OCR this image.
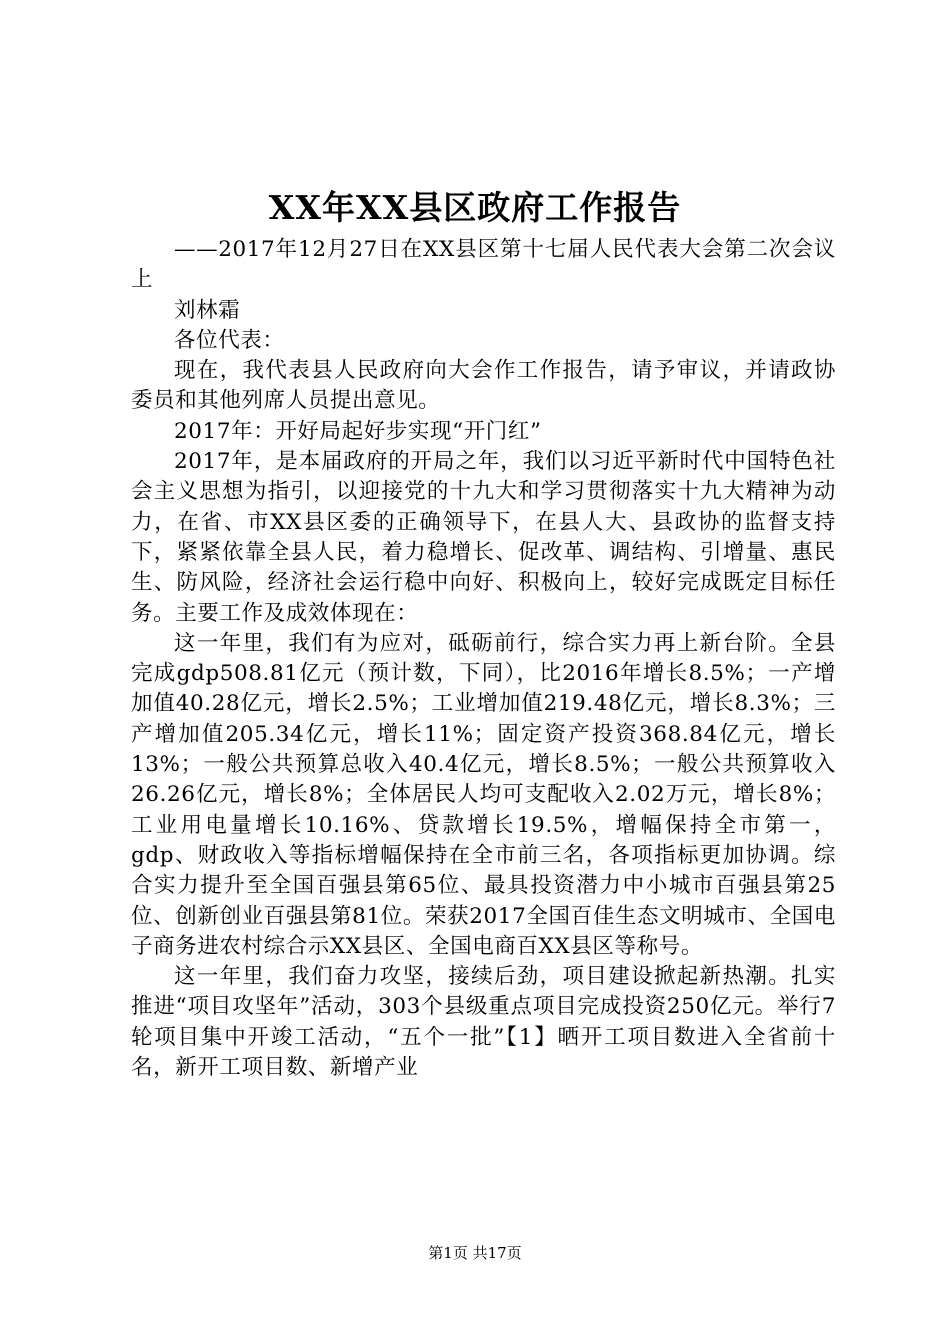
XX年XX县区政府工作报告

——2017年12月27日在XX县区第十七届人民代表大会第二次会议上

刘林霜

各位代表：

现在，我代表县人民政府向大会作工作报告，请予审议，并请政协委员和其他列席人员提出意见。

2017年：开好局起好步实现“开门红”

2017年，是本届政府的开局之年，我们以习近平新时代中国特色社会主义思想为指引，以迎接党的十九大和学习贯彻落实十九大精神为动力，在省、市XX县区委的正确领导下，在县人大、县政协的监督支持下，紧紧依靠全县人民，着力稳增长、促改革、调结构、引增量、惠民生、防风险，经济社会运行稳中向好、积极向上，较好完成既定目标任务。主要工作及成效体现在：

这一年里，我们有为应对，砥砺前行，综合实力再上新台阶。全县完成gdp508.81亿元（预计数，下同），比2016年增长8.5%；一产增加值40.28亿元，增长2.5%；工业增加值219.48亿元，增长8.3%；三产增加值205.34亿元，增长11%；固定资产投资368.84亿元，增长13%；一般公共预算总收入40.4亿元，增长8.5%；一般公共预算收入26.26亿元，增长8%；全体居民人均可支配收入2.02万元，增长8%；工业用电量增长10.16%、贷款增长19.5%，增幅保持全市第一，gdp、财政收入等指标增幅保持在全市前三名，各项指标更加协调。综合实力提升至全国百强县第65位、最具投资潜力中小城市百强县第25位、创新创业百强县第81位。荣获2017全国百佳生态文明城市、全国电子商务进农村综合示XX县区、全国电商百XX县区等称号。

这一年里，我们奋力攻坚，接续后劲，项目建设掀起新热潮。扎实推进“项目攻坚年”活动，303个县级重点项目完成投资250亿元。举行7轮项目集中开竣工活动，“五个一批”【1】晒开工项目数进入全省前十名，新开工项目数、新增产业

第1页 共17页
